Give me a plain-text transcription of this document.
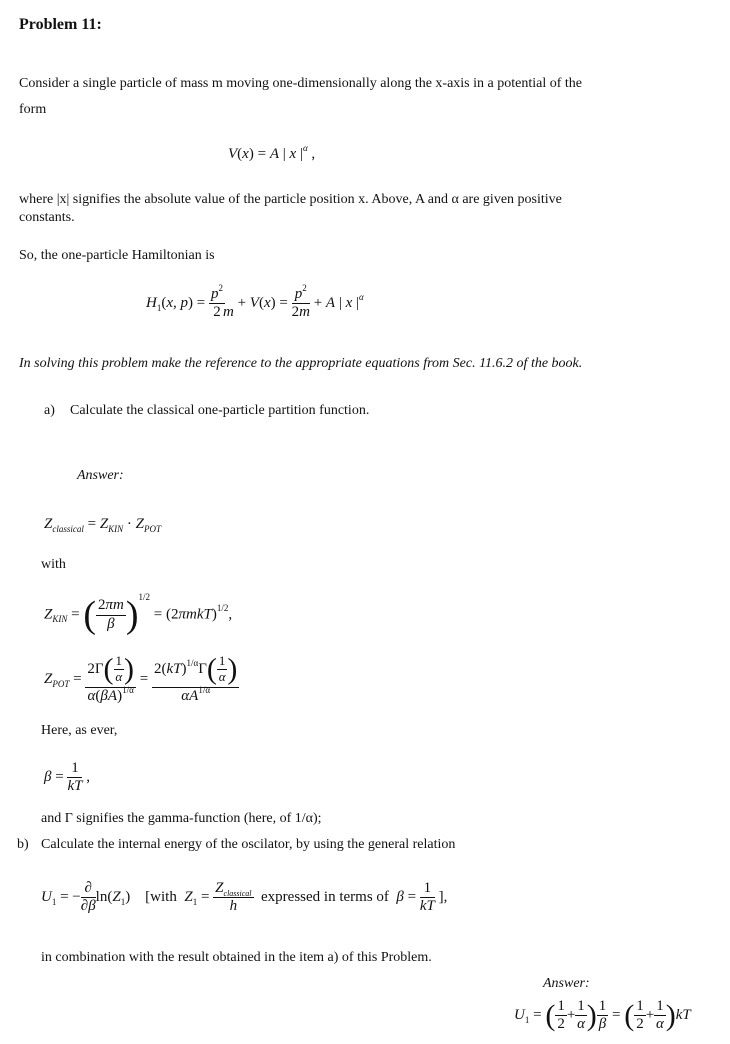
Problem 11:
Consider a single particle of mass m moving one-dimensionally along the x-axis in a potential of the
form
V(x) = A | x $|^\alpha$ ,
where |x| signifies the absolute value of the particle position x. Above, A and α are given positive
constants.
So, the one-particle Hamiltonian is
$H_1(x$, $p) = \frac{p^2}{2}$
m
+ $V(x) = \frac{p^2}{2m} + A$ | x $|^\alpha$
In solving this problem make the reference to the appropriate equations from Sec. 11.6.2 of the book.
a) Calculate the classical one-particle partition function.
Answer:
$Z_{classical} = Z_{KIN} \cdot Z_{POT}$
with
$Z_{KIN}$ = ( $\frac{2\pi m}{\beta} )^{1/2} = (2\pi mkT)^{1/2}$,
$Z_{POT} = \frac{2\Gamma( \frac{1}{\alpha} )}{\alpha(\beta A)^{1/\alpha}} = \frac{2(kT)^{1/\alpha}\Gamma( \frac{1}{\alpha} )}{\alpha A^{1/\alpha}}$
Here, as ever,
$\beta = \frac{1}{kT}$ ,
and Γ signifies the gamma-function (here, of 1/α);
b) Calculate the internal energy of the oscilator, by using the general relation
$U_1$ = − $\frac{\partial}{\partial\beta} \ln(Z_1)$    [with  $Z_1 = \frac{Z_{classical}}{h}$ expressed in terms of  $\beta = \frac{1}{kT}$ ],
in combination with the result obtained in the item a) of this Problem.
Answer:
$U_1$ = ( $\frac{1}{2} + \frac{1}{\alpha}$ ) $\frac{1}{\beta}$ = ( $\frac{1}{2} + \frac{1}{\alpha} )kT$
